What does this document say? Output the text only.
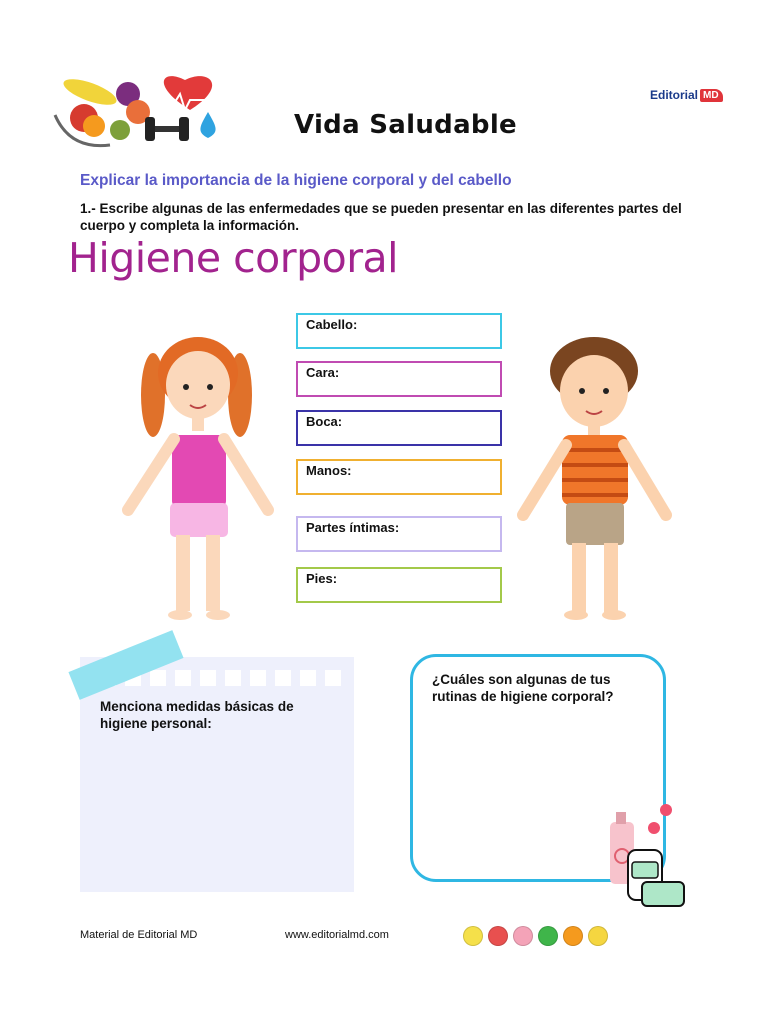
Vida Saludable
Editorial MD
Explicar la importancia de la higiene corporal y del cabello
1.- Escribe algunas de las enfermedades que se pueden presentar en las diferentes partes del cuerpo y completa la información.
Higiene corporal
Cabello:
Cara:
Boca:
Manos:
Partes íntimas:
Pies:
Menciona medidas básicas de higiene personal:
¿Cuáles son algunas de tus rutinas de higiene corporal?
Material de Editorial MD	www.editorialmd.com
